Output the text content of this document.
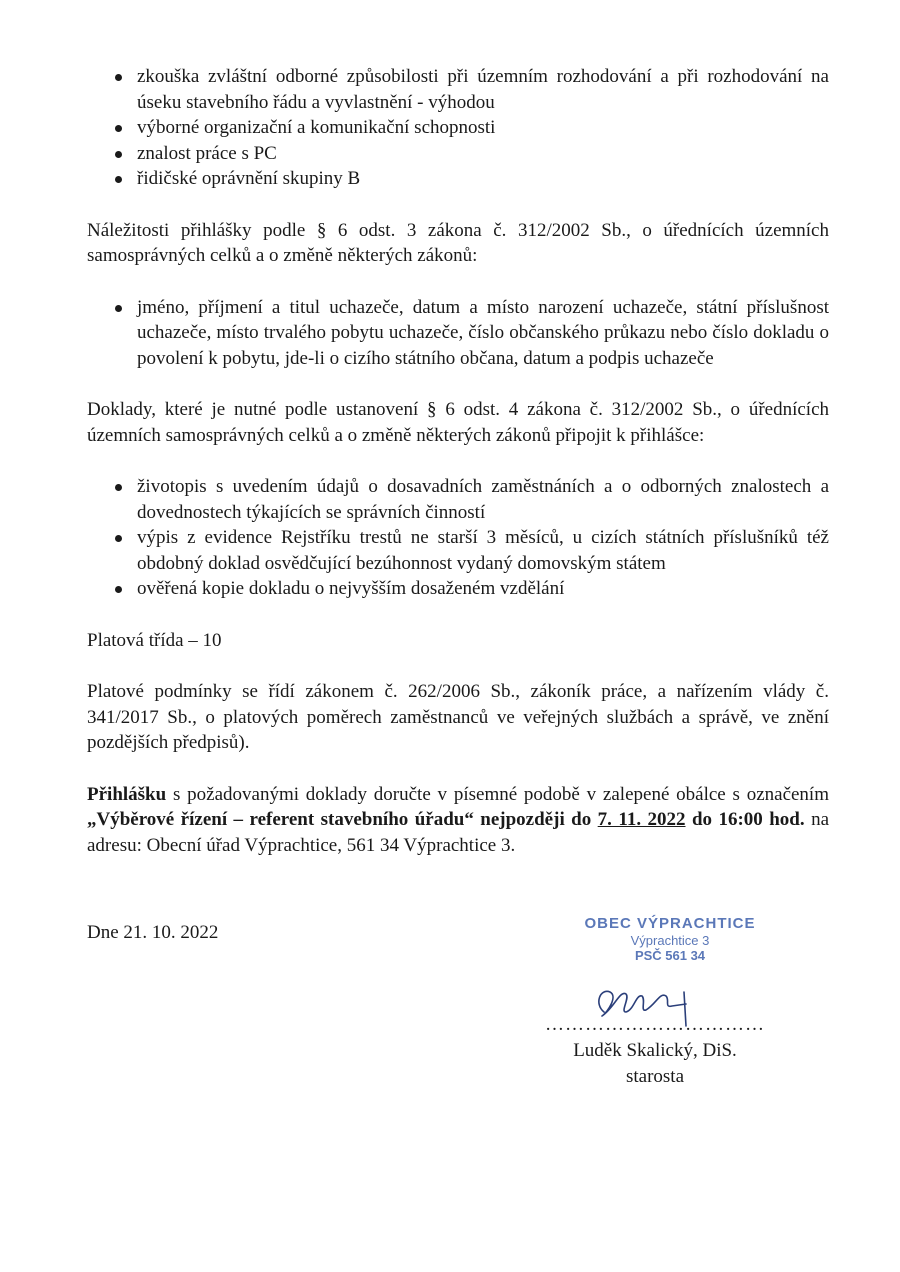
zkouška zvláštní odborné způsobilosti při územním rozhodování a při rozhodování na úseku stavebního řádu a vyvlastnění - výhodou
výborné organizační a komunikační schopnosti
znalost práce s PC
řidičské oprávnění skupiny B

Náležitosti přihlášky podle § 6 odst. 3 zákona č. 312/2002 Sb., o úřednících územních samosprávných celků a o změně některých zákonů:

jméno, příjmení a titul uchazeče, datum a místo narození uchazeče, státní příslušnost uchazeče, místo trvalého pobytu uchazeče, číslo občanského průkazu nebo číslo dokladu o povolení k pobytu, jde-li o cizího státního občana, datum a podpis uchazeče

Doklady, které je nutné podle ustanovení § 6 odst. 4 zákona č. 312/2002 Sb., o úřednících územních samosprávných celků a o změně některých zákonů připojit k přihlášce:

životopis s uvedením údajů o dosavadních zaměstnáních a o odborných znalostech a dovednostech týkajících se správních činností
výpis z evidence Rejstříku trestů ne starší 3 měsíců, u cizích státních příslušníků též obdobný doklad osvědčující bezúhonnost vydaný domovským státem
ověřená kopie dokladu o nejvyšším dosaženém vzdělání

Platová třída – 10

Platové podmínky se řídí zákonem č. 262/2006 Sb., zákoník práce, a nařízením vlády č. 341/2017 Sb., o platových poměrech zaměstnanců ve veřejných službách a správě, ve znění pozdějších předpisů).

Přihlášku s požadovanými doklady doručte v písemné podobě v zalepené obálce s označením „Výběrové řízení – referent stavebního úřadu“ nejpozději do 7. 11. 2022 do 16:00 hod. na adresu: Obecní úřad Výprachtice, 561 34 Výprachtice 3.

Dne 21. 10. 2022	OBEC VÝPRACHTICE
Výprachtice 3
PSČ 561 34
……………………………
Luděk Skalický, DiS.
starosta
